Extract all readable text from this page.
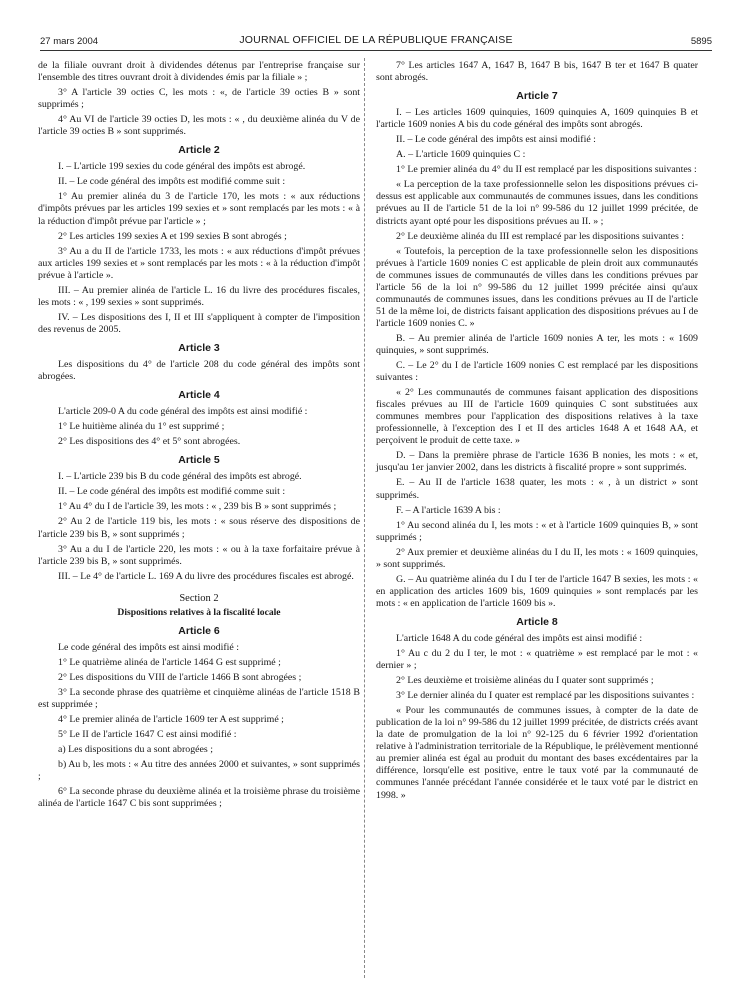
27 mars 2004	JOURNAL OFFICIEL DE LA RÉPUBLIQUE FRANÇAISE	5895

de la filiale ouvrant droit à dividendes détenus par l'entreprise française sur l'ensemble des titres ouvrant droit à dividendes émis par la filiale » ;

3° A l'article 39 octies C, les mots : «, de l'article 39 octies B » sont supprimés ;

4° Au VI de l'article 39 octies D, les mots : « , du deuxième alinéa du V de l'article 39 octies B » sont supprimés.

Article 2

I. – L'article 199 sexies du code général des impôts est abrogé.

II. – Le code général des impôts est modifié comme suit :

1° Au premier alinéa du 3 de l'article 170, les mots : « aux réductions d'impôts prévues par les articles 199 sexies et » sont remplacés par les mots : « à la réduction d'impôt prévue par l'article » ;

2° Les articles 199 sexies A et 199 sexies B sont abrogés ;

3° Au a du II de l'article 1733, les mots : « aux réductions d'impôt prévues aux articles 199 sexies et » sont remplacés par les mots : « à la réduction d'impôt prévue à l'article ».

III. – Au premier alinéa de l'article L. 16 du livre des procédures fiscales, les mots : « , 199 sexies » sont supprimés.

IV. – Les dispositions des I, II et III s'appliquent à compter de l'imposition des revenus de 2005.

Article 3

Les dispositions du 4° de l'article 208 du code général des impôts sont abrogées.

Article 4

L'article 209-0 A du code général des impôts est ainsi modifié :

1° Le huitième alinéa du 1° est supprimé ;

2° Les dispositions des 4° et 5° sont abrogées.

Article 5

I. – L'article 239 bis B du code général des impôts est abrogé.

II. – Le code général des impôts est modifié comme suit :

1° Au 4° du I de l'article 39, les mots : « , 239 bis B » sont supprimés ;

2° Au 2 de l'article 119 bis, les mots : « sous réserve des dispositions de l'article 239 bis B, » sont supprimés ;

3° Au a du I de l'article 220, les mots : « ou à la taxe forfaitaire prévue à l'article 239 bis B, » sont supprimés.

III. – Le 4° de l'article L. 169 A du livre des procédures fiscales est abrogé.

Section 2
Dispositions relatives à la fiscalité locale
Article 6

Le code général des impôts est ainsi modifié :

1° Le quatrième alinéa de l'article 1464 G est supprimé ;

2° Les dispositions du VIII de l'article 1466 B sont abrogées ;

3° La seconde phrase des quatrième et cinquième alinéas de l'article 1518 B est supprimée ;

4° Le premier alinéa de l'article 1609 ter A est supprimé ;

5° Le II de l'article 1647 C est ainsi modifié :

a) Les dispositions du a sont abrogées ;

b) Au b, les mots : « Au titre des années 2000 et suivantes, » sont supprimés ;

6° La seconde phrase du deuxième alinéa et la troisième phrase du troisième alinéa de l'article 1647 C bis sont supprimées ;

7° Les articles 1647 A, 1647 B, 1647 B bis, 1647 B ter et 1647 B quater sont abrogés.

Article 7

I. – Les articles 1609 quinquies, 1609 quinquies A, 1609 quinquies B et l'article 1609 nonies A bis du code général des impôts sont abrogés.

II. – Le code général des impôts est ainsi modifié :

A. – L'article 1609 quinquies C :

1° Le premier alinéa du 4° du II est remplacé par les dispositions suivantes :

« La perception de la taxe professionnelle selon les dispositions prévues ci-dessus est applicable aux communautés de communes issues, dans les conditions prévues au II de l'article 51 de la loi n° 99-586 du 12 juillet 1999 précitée, de districts ayant opté pour les dispositions prévues au II. » ;

2° Le deuxième alinéa du III est remplacé par les dispositions suivantes :

« Toutefois, la perception de la taxe professionnelle selon les dispositions prévues à l'article 1609 nonies C est applicable de plein droit aux communautés de communes issues de communautés de villes dans les conditions prévues par l'article 56 de la loi n° 99-586 du 12 juillet 1999 précitée ainsi qu'aux communautés de communes issues, dans les conditions prévues au II de l'article 51 de la même loi, de districts faisant application des dispositions prévues au I de l'article 1609 nonies C. »

B. – Au premier alinéa de l'article 1609 nonies A ter, les mots : « 1609 quinquies, » sont supprimés.

C. – Le 2° du I de l'article 1609 nonies C est remplacé par les dispositions suivantes :

« 2° Les communautés de communes faisant application des dispositions fiscales prévues au III de l'article 1609 quinquies C sont substituées aux communes membres pour l'application des dispositions relatives à la taxe professionnelle, à l'exception des I et II des articles 1648 A et 1648 AA, et perçoivent le produit de cette taxe. »

D. – Dans la première phrase de l'article 1636 B nonies, les mots : « et, jusqu'au 1er janvier 2002, dans les districts à fiscalité propre » sont supprimés.

E. – Au II de l'article 1638 quater, les mots : « , à un district » sont supprimés.

F. – A l'article 1639 A bis :

1° Au second alinéa du I, les mots : « et à l'article 1609 quinquies B, » sont supprimés ;

2° Aux premier et deuxième alinéas du I du II, les mots : « 1609 quinquies, » sont supprimés.

G. – Au quatrième alinéa du I du I ter de l'article 1647 B sexies, les mots : « en application des articles 1609 bis, 1609 quinquies » sont remplacés par les mots : « en application de l'article 1609 bis ».

Article 8

L'article 1648 A du code général des impôts est ainsi modifié :

1° Au c du 2 du I ter, le mot : « quatrième » est remplacé par le mot : « dernier » ;

2° Les deuxième et troisième alinéas du I quater sont supprimés ;

3° Le dernier alinéa du I quater est remplacé par les dispositions suivantes :

« Pour les communautés de communes issues, à compter de la date de publication de la loi n° 99-586 du 12 juillet 1999 précitée, de districts créés avant la date de promulgation de la loi n° 92-125 du 6 février 1992 d'orientation relative à l'administration territoriale de la République, le prélèvement mentionné au premier alinéa est égal au produit du montant des bases excédentaires par la différence, lorsqu'elle est positive, entre le taux voté par la communauté de communes l'année précédant l'année considérée et le taux voté par le district en 1998. »
